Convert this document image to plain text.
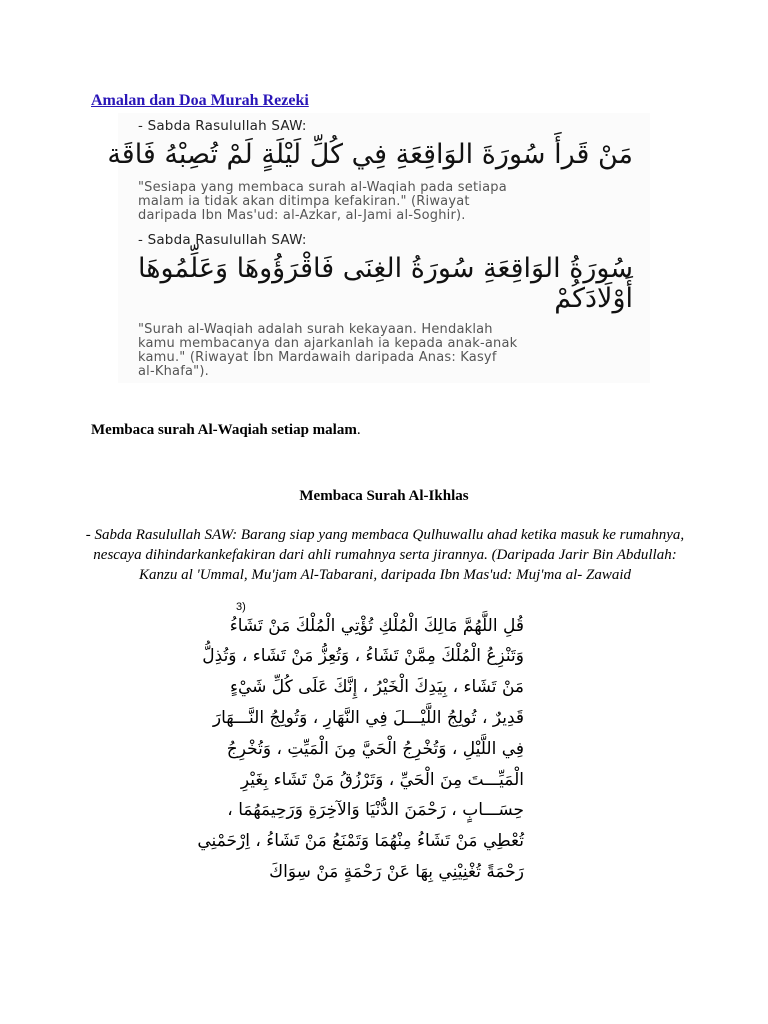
Amalan dan Doa Murah Rezeki
- Sabda Rasulullah SAW:
مَنْ قَرأَ سُورَةَ الوَاقِعَةِ فِي كُلِّ لَيْلَةٍ لَمْ تُصِبْهُ فَاقَة
"Sesiapa yang membaca surah al-Waqiah pada setiapa
malam ia tidak akan ditimpa kefakiran." (Riwayat
daripada Ibn Mas'ud: al-Azkar, al-Jami al-Soghir).
- Sabda Rasulullah SAW:
سُورَةُ الوَاقِعَةِ سُورَةُ الغِنَى فَاقْرَؤُوهَا وَعَلِّمُوهَا
أَوْلَادَكُمْ
"Surah al-Waqiah adalah surah kekayaan. Hendaklah
kamu membacanya dan ajarkanlah ia kepada anak-anak
kamu." (Riwayat Ibn Mardawaih daripada Anas: Kasyf
al-Khafa").
Membaca surah Al-Waqiah setiap malam.
Membaca Surah Al-Ikhlas
- Sabda Rasulullah SAW: Barang siap yang membaca Qulhuwallu ahad ketika masuk ke rumahnya, nescaya dihindarkankefakiran dari ahli rumahnya serta jirannya. (Daripada Jarir Bin Abdullah: Kanzu al 'Ummal, Mu'jam Al-Tabarani, daripada Ibn Mas'ud: Muj'ma al- Zawaid
3)
قُلِ اللَّهُمَّ مَالِكَ الْمُلْكِ تُؤْتِي الْمُلْكَ مَنْ تَشَاءُ
وَتَنْزِعُ الْمُلْكَ مِمَّنْ تَشَاءُ ، وَتُعِزُّ مَنْ تَشَاء ، وَتُذِلُّ
مَنْ تَشَاء ، بِيَدِكَ الْخَيْرُ ، إِنَّكَ عَلَى كُلِّ شَيْءٍ
قَدِيرٌ ، تُولِجُ اللَّيْـــلَ فِي النَّهَارِ ، وَتُولِجُ النَّـــهَارَ
فِي اللَّيْلِ ، وَتُخْرِجُ الْحَيَّ مِنَ الْمَيِّتِ ، وَتُخْرِجُ
الْمَيِّـــتَ مِنَ الْحَيِّ ، وَتَرْزُقُ مَنْ تَشَاء بِغَيْرِ
حِسَـــابٍ ، رَحْمَنَ الدُّنْيَا وَالآخِرَةِ وَرَحِيمَهُمَا ،
تُعْطِي مَنْ تَشَاءُ مِنْهُمَا وَتَمْنَعُ مَنْ تَشَاءُ ، اِرْحَمْنِي
رَحْمَةً تُغْنِيْنِي بِهَا عَنْ رَحْمَةٍ مَنْ سِوَاكَ
